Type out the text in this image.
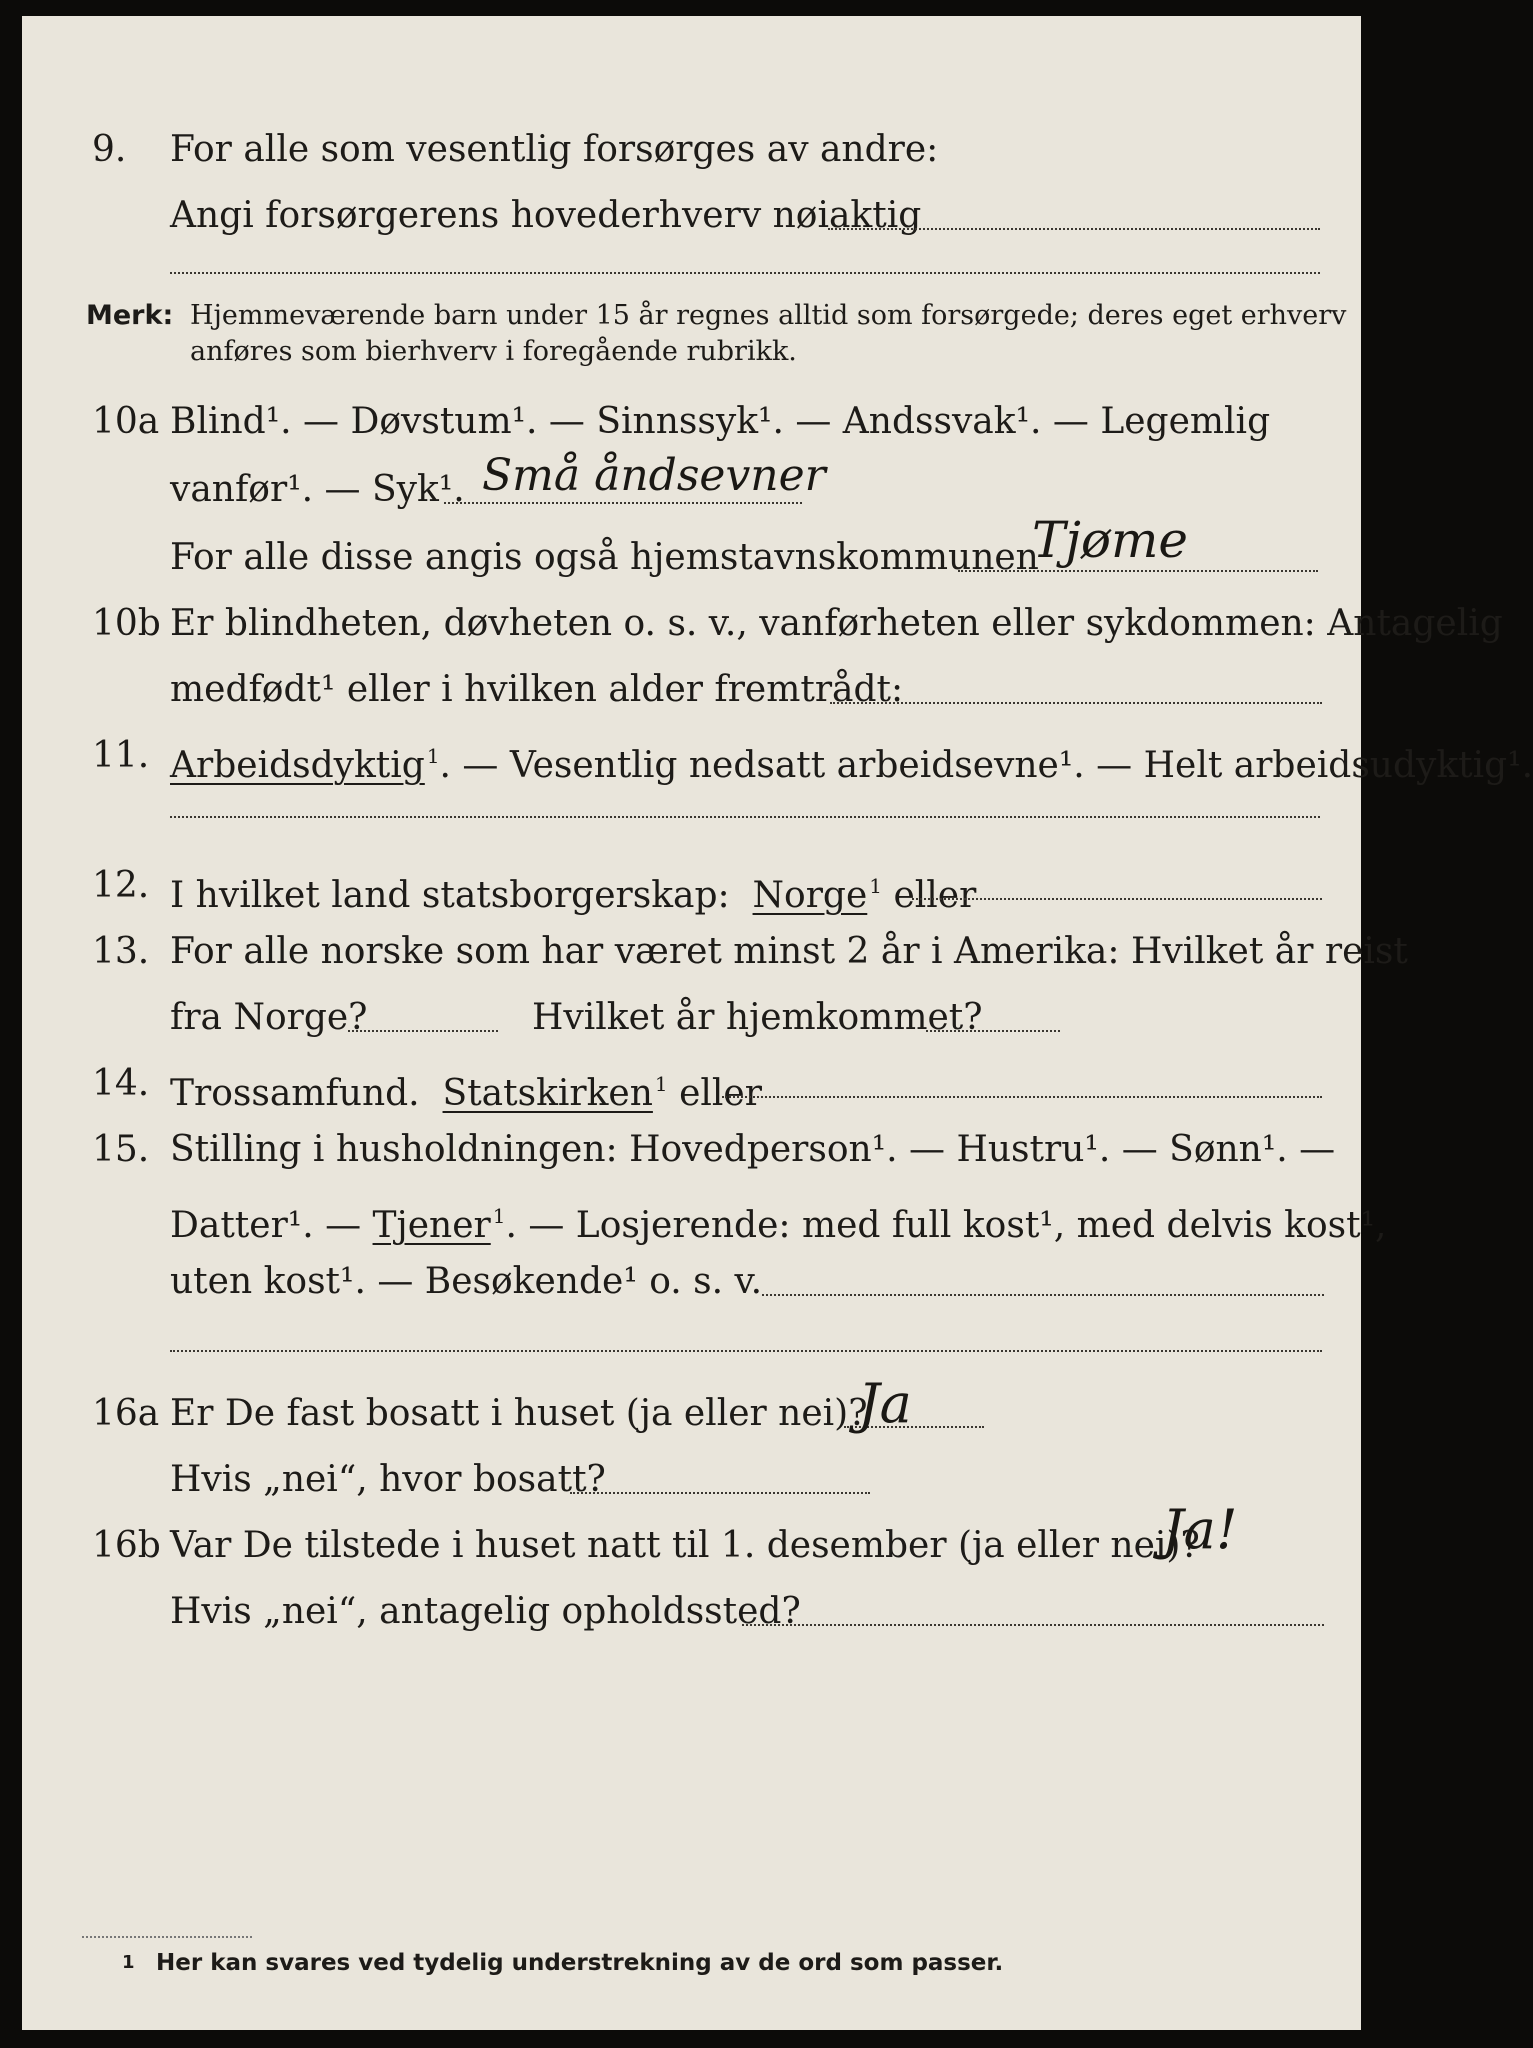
9. For alle som vesentlig forsørges av andre:
Angi forsørgerens hovederhverv nøiaktig
Merk: Hjemmeværende barn under 15 år regnes alltid som forsørgede; deres eget erhverv
anføres som bierhverv i foregående rubrikk.
10a Blind¹. — Døvstum¹. — Sinnssyk¹. — Andssvak¹. — Legemlig
vanfør¹. — Syk¹. Små åndsevner
For alle disse angis også hjemstavnskommunen
Tjøme
10b Er blindheten, døvheten o. s. v., vanførheten eller sykdommen: Antagelig
medfødt¹ eller i hvilken alder fremtrådt:
11. Arbeidsdyktig $^1$. — Vesentlig nedsatt arbeidsevne¹. — Helt arbeidsudyktig¹.
12. I hvilket land statsborgerskap: Norge $^1$ eller
13. For alle norske som har været minst 2 år i Amerika: Hvilket år reist
fra Norge?	Hvilket år hjemkommet?
14. Trossamfund. Statskirken $^1$ eller
15. Stilling i husholdningen: Hovedperson¹. — Hustru¹. — Sønn¹. —
Datter¹. — Tjener $^1$. — Losjerende: med full kost¹, med delvis kost¹,
uten kost¹. — Besøkende¹ o. s. v.
16a Er De fast bosatt i huset (ja eller nei)?
Ja
Hvis „nei“, hvor bosatt?
16b Var De tilstede i huset natt til 1. desember (ja eller nei)?
Ja!
Hvis „nei“, antagelig opholdssted?
1 Her kan svares ved tydelig understrekning av de ord som passer.
